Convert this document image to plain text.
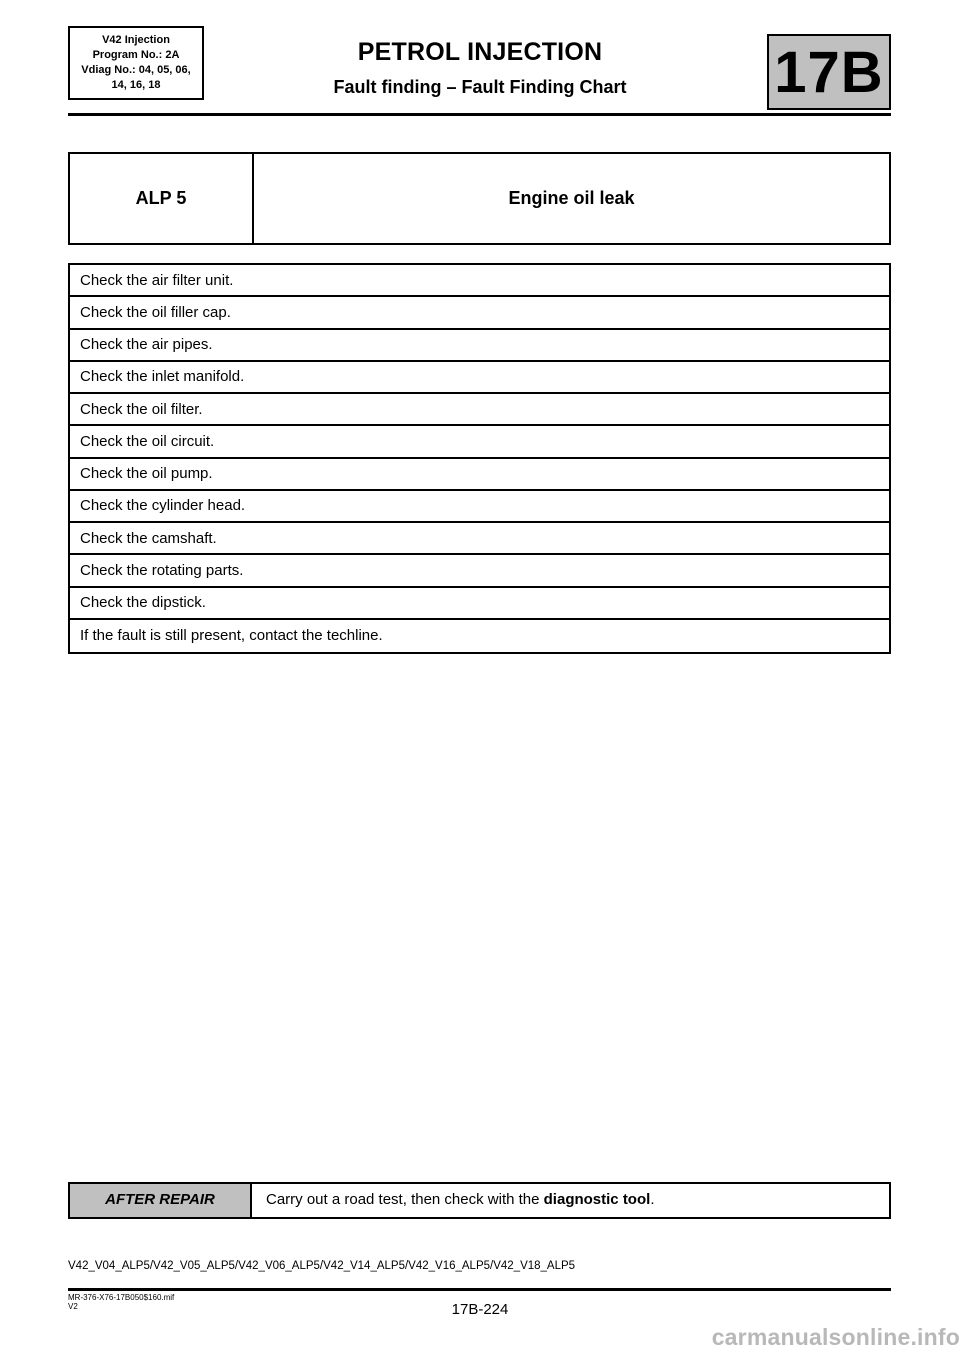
V42 Injection
Program No.: 2A
Vdiag No.: 04, 05, 06,
14, 16, 18
PETROL INJECTION
Fault finding – Fault Finding Chart	17B
ALP 5	Engine oil leak
Check the air filter unit.
Check the oil filler cap.
Check the air pipes.
Check the inlet manifold.
Check the oil filter.
Check the oil circuit.
Check the oil pump.
Check the cylinder head.
Check the camshaft.
Check the rotating parts.
Check the dipstick.
If the fault is still present, contact the techline.
AFTER REPAIR	Carry out a road test, then check with the diagnostic tool.
V42_V04_ALP5/V42_V05_ALP5/V42_V06_ALP5/V42_V14_ALP5/V42_V16_ALP5/V42_V18_ALP5
MR-376-X76-17B050$160.mif
V2	17B-224
carmanualsonline.info
